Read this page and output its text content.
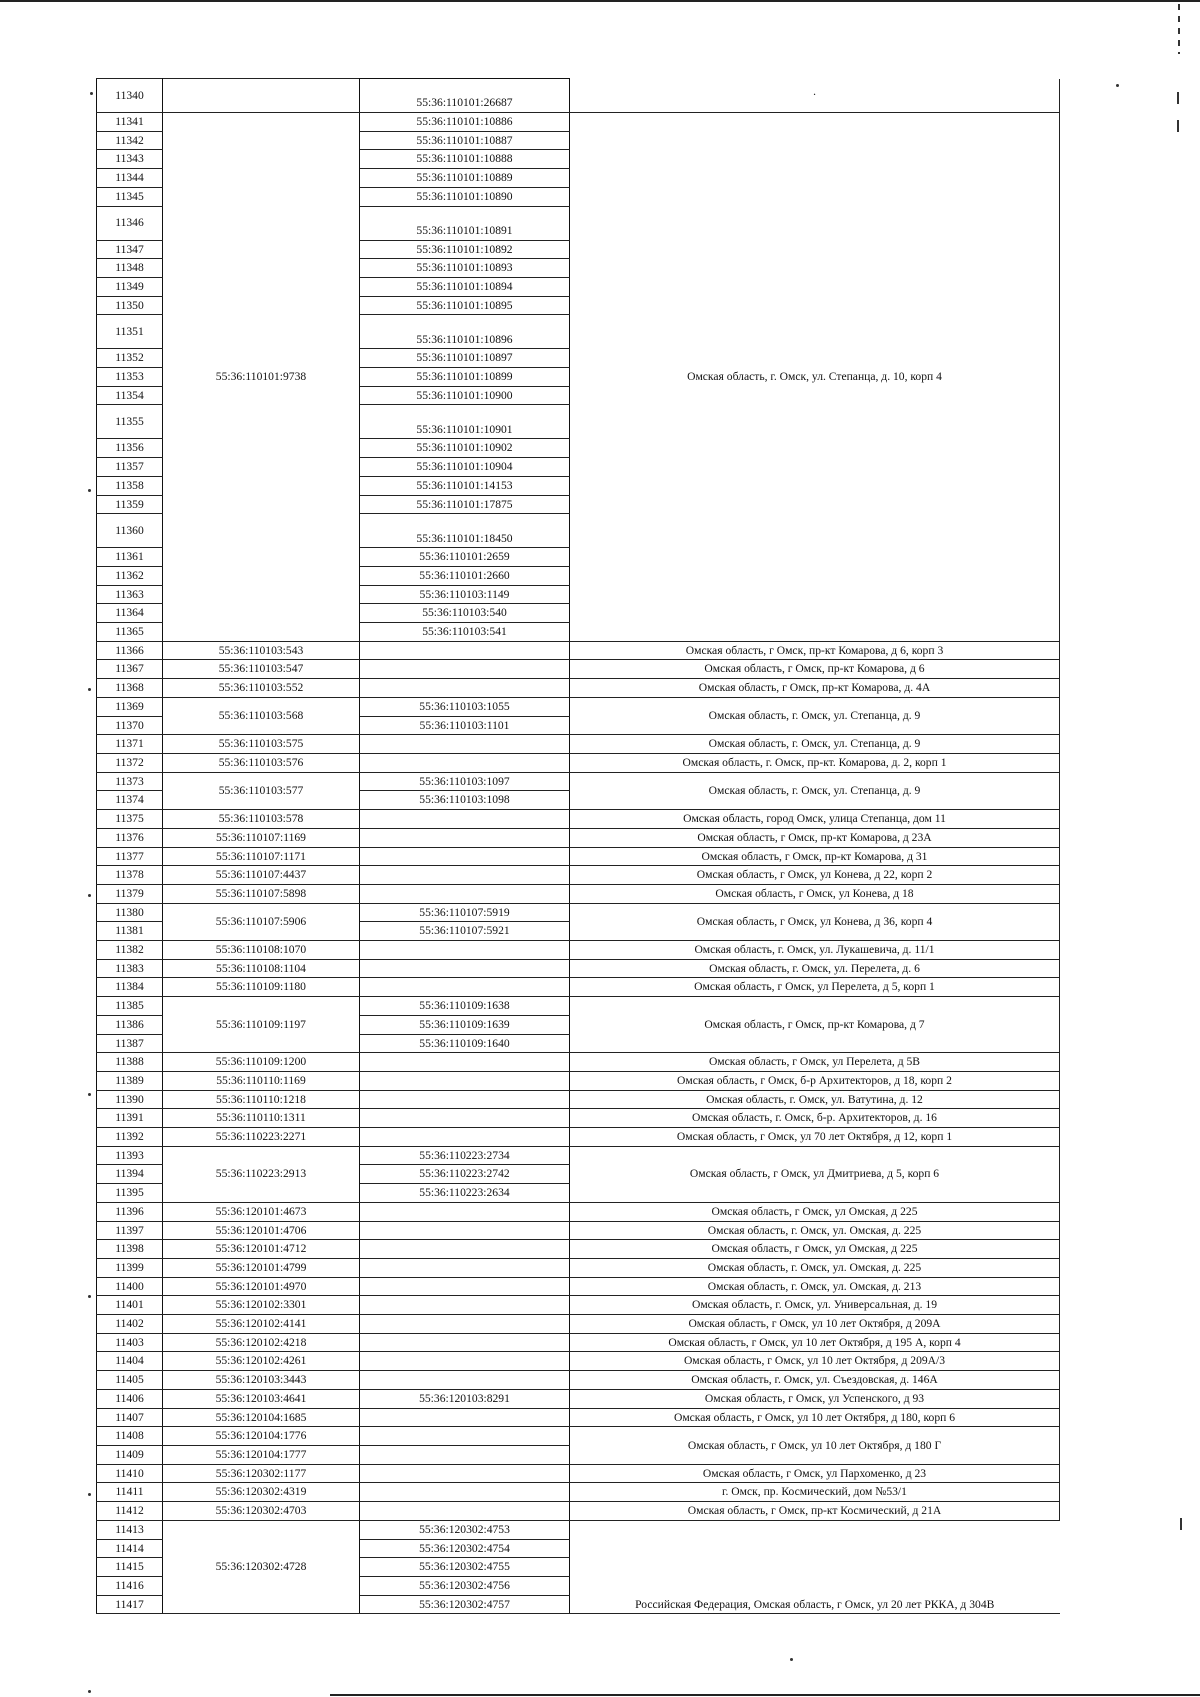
11340		55:36:110101:26687	·	
11341	55:36:110101:9738	55:36:110101:10886	Омская область, г. Омск, ул. Степанца, д. 10, корп 4	
11342		55:36:110101:10887		
11343		55:36:110101:10888		
11344		55:36:110101:10889		
11345		55:36:110101:10890		
11346		55:36:110101:10891		
11347		55:36:110101:10892		
11348		55:36:110101:10893		
11349		55:36:110101:10894		
11350		55:36:110101:10895		
11351		55:36:110101:10896		
11352		55:36:110101:10897		
11353		55:36:110101:10899		
11354		55:36:110101:10900		
11355		55:36:110101:10901		
11356		55:36:110101:10902		
11357		55:36:110101:10904		
11358		55:36:110101:14153		
11359		55:36:110101:17875		
11360		55:36:110101:18450		
11361		55:36:110101:2659		
11362		55:36:110101:2660		
11363		55:36:110103:1149		
11364		55:36:110103:540		
11365		55:36:110103:541		
11366	55:36:110103:543		Омская область, г Омск, пр-кт Комарова, д 6, корп 3	
11367	55:36:110103:547		Омская область, г Омск, пр-кт Комарова, д 6	
11368	55:36:110103:552		Омская область, г Омск, пр-кт Комарова, д. 4А	
11369	55:36:110103:568	55:36:110103:1055	Омская область, г. Омск, ул. Степанца, д. 9	
11370		55:36:110103:1101		
11371	55:36:110103:575		Омская область, г. Омск, ул. Степанца, д. 9	
11372	55:36:110103:576		Омская область, г. Омск, пр-кт. Комарова, д. 2, корп 1	
11373	55:36:110103:577	55:36:110103:1097	Омская область, г. Омск, ул. Степанца, д. 9	
11374		55:36:110103:1098		
11375	55:36:110103:578		Омская область, город Омск, улица Степанца, дом 11	
11376	55:36:110107:1169		Омская область, г Омск, пр-кт Комарова, д 23А	
11377	55:36:110107:1171		Омская область, г Омск, пр-кт Комарова, д 31	
11378	55:36:110107:4437		Омская область, г Омск, ул Конева, д 22, корп 2	
11379	55:36:110107:5898		Омская область, г Омск, ул Конева, д 18	
11380	55:36:110107:5906	55:36:110107:5919	Омская область, г Омск, ул Конева, д 36, корп 4	
11381		55:36:110107:5921		
11382	55:36:110108:1070		Омская область, г. Омск, ул. Лукашевича, д. 11/1	
11383	55:36:110108:1104		Омская область, г. Омск, ул. Перелета, д. 6	
11384	55:36:110109:1180		Омская область, г Омск, ул Перелета, д 5, корп 1	
11385	55:36:110109:1197	55:36:110109:1638	Омская область, г Омск, пр-кт Комарова, д 7	
11386		55:36:110109:1639		
11387		55:36:110109:1640		
11388	55:36:110109:1200		Омская область, г Омск, ул Перелета, д 5В	
11389	55:36:110110:1169		Омская область, г Омск, б-р Архитекторов, д 18, корп 2	
11390	55:36:110110:1218		Омская область, г. Омск, ул. Ватутина, д. 12	
11391	55:36:110110:1311		Омская область, г. Омск, б-р. Архитекторов, д. 16	
11392	55:36:110223:2271		Омская область, г Омск, ул 70 лет Октября, д 12, корп 1	
11393	55:36:110223:2913	55:36:110223:2734	Омская область, г Омск, ул Дмитриева, д 5, корп 6	
11394		55:36:110223:2742		
11395		55:36:110223:2634		
11396	55:36:120101:4673		Омская область, г Омск, ул Омская, д 225	
11397	55:36:120101:4706		Омская область, г. Омск, ул. Омская, д. 225	
11398	55:36:120101:4712		Омская область, г Омск, ул Омская, д 225	
11399	55:36:120101:4799		Омская область, г. Омск, ул. Омская, д. 225	
11400	55:36:120101:4970		Омская область, г. Омск, ул. Омская, д. 213	
11401	55:36:120102:3301		Омская область, г. Омск, ул. Универсальная, д. 19	
11402	55:36:120102:4141		Омская область, г Омск, ул 10 лет Октября, д 209А	
11403	55:36:120102:4218		Омская область, г Омск, ул 10 лет Октября, д 195 А, корп 4	
11404	55:36:120102:4261		Омская область, г Омск, ул 10 лет Октября, д 209А/3	
11405	55:36:120103:3443		Омская область, г. Омск, ул. Съездовская, д. 146А	
11406	55:36:120103:4641	55:36:120103:8291	Омская область, г Омск, ул Успенского, д 93	
11407	55:36:120104:1685		Омская область, г Омск, ул 10 лет Октября, д 180, корп 6	
11408	55:36:120104:1776		Омская область, г Омск, ул 10 лет Октября, д 180 Г	
11409	55:36:120104:1777			
11410	55:36:120302:1177		Омская область, г Омск, ул Пархоменко, д 23	
11411	55:36:120302:4319		г. Омск, пр. Космический, дом №53/1	
11412	55:36:120302:4703		Омская область, г Омск, пр-кт Космический, д 21А	
11413	55:36:120302:4728	55:36:120302:4753	Российская Федерация, Омская область, г Омск, ул 20 лет РККА, д 304В	
11414		55:36:120302:4754		
11415		55:36:120302:4755		
11416		55:36:120302:4756		
11417		55:36:120302:4757		
